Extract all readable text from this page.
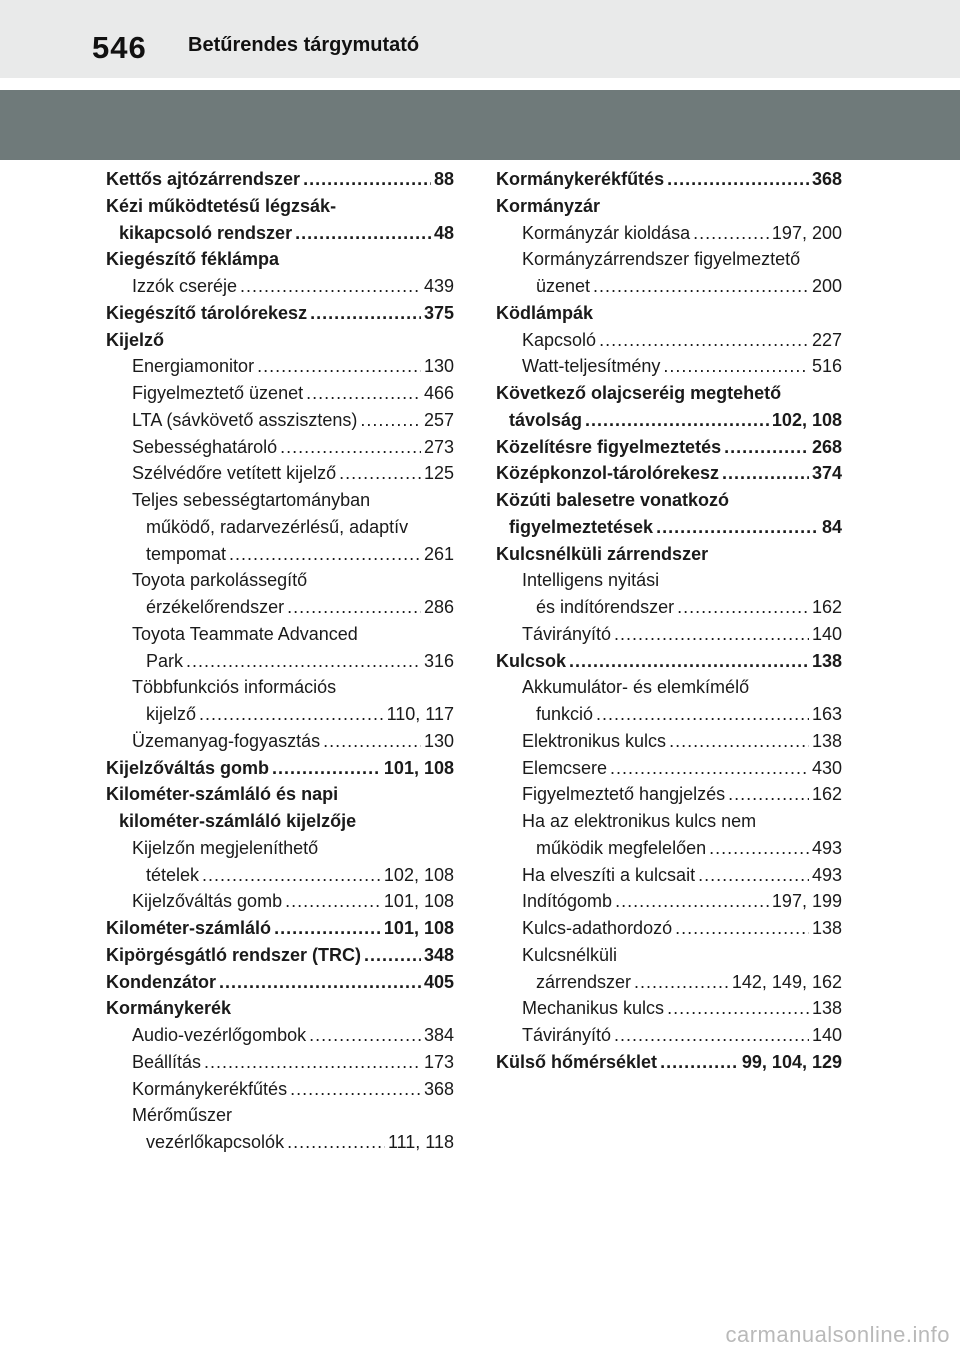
546 Betűrendes tárgymutató
Kettős ajtózárrendszer .....	88
Kézi működtetésű légzsák-
kikapcsoló rendszer .....	48
Kiegészítő féklámpa
Izzók cseréje .....	439
Kiegészítő tárolórekesz .....	375
Kijelző
Energiamonitor .....	130
Figyelmeztető üzenet .....	466
LTA (sávkövető asszisztens) .....	257
Sebességhatároló .....	273
Szélvédőre vetített kijelző .....	125
Teljes sebességtartományban
működő, radarvezérlésű, adaptív
tempomat .....	261
Toyota parkolássegítő
érzékelőrendszer .....	286
Toyota Teammate Advanced
Park .....	316
Többfunkciós információs
kijelző .....	110, 117
Üzemanyag-fogyasztás .....	130
Kijelzőváltás gomb .....	101, 108
Kilométer-számláló és napi
kilométer-számláló kijelzője
Kijelzőn megjeleníthető
tételek .....	102, 108
Kijelzőváltás gomb .....	101, 108
Kilométer-számláló .....	101, 108
Kipörgésgátló rendszer (TRC) .....	348
Kondenzátor .....	405
Kormánykerék
Audio-vezérlőgombok .....	384
Beállítás .....	173
Kormánykerékfűtés .....	368
Mérőműszer
vezérlőkapcsolók .....	111, 118
Kormánykerékfűtés .....	368
Kormányzár
Kormányzár kioldása .....	197, 200
Kormányzárrendszer figyelmeztető
üzenet .....	200
Ködlámpák
Kapcsoló .....	227
Watt-teljesítmény .....	516
Következő olajcseréig megtehető
távolság .....	102, 108
Közelítésre figyelmeztetés .....	268
Középkonzol-tárolórekesz .....	374
Közúti balesetre vonatkozó
figyelmeztetések .....	84
Kulcsnélküli zárrendszer
Intelligens nyitási
és indítórendszer .....	162
Távirányító .....	140
Kulcsok .....	138
Akkumulátor- és elemkímélő
funkció .....	163
Elektronikus kulcs .....	138
Elemcsere .....	430
Figyelmeztető hangjelzés .....	162
Ha az elektronikus kulcs nem
működik megfelelően .....	493
Ha elveszíti a kulcsait .....	493
Indítógomb .....	197, 199
Kulcs-adathordozó .....	138
Kulcsnélküli
zárrendszer .....	142, 149, 162
Mechanikus kulcs .....	138
Távirányító .....	140
Külső hőmérséklet .....	99, 104, 129
carmanualsonline.info
